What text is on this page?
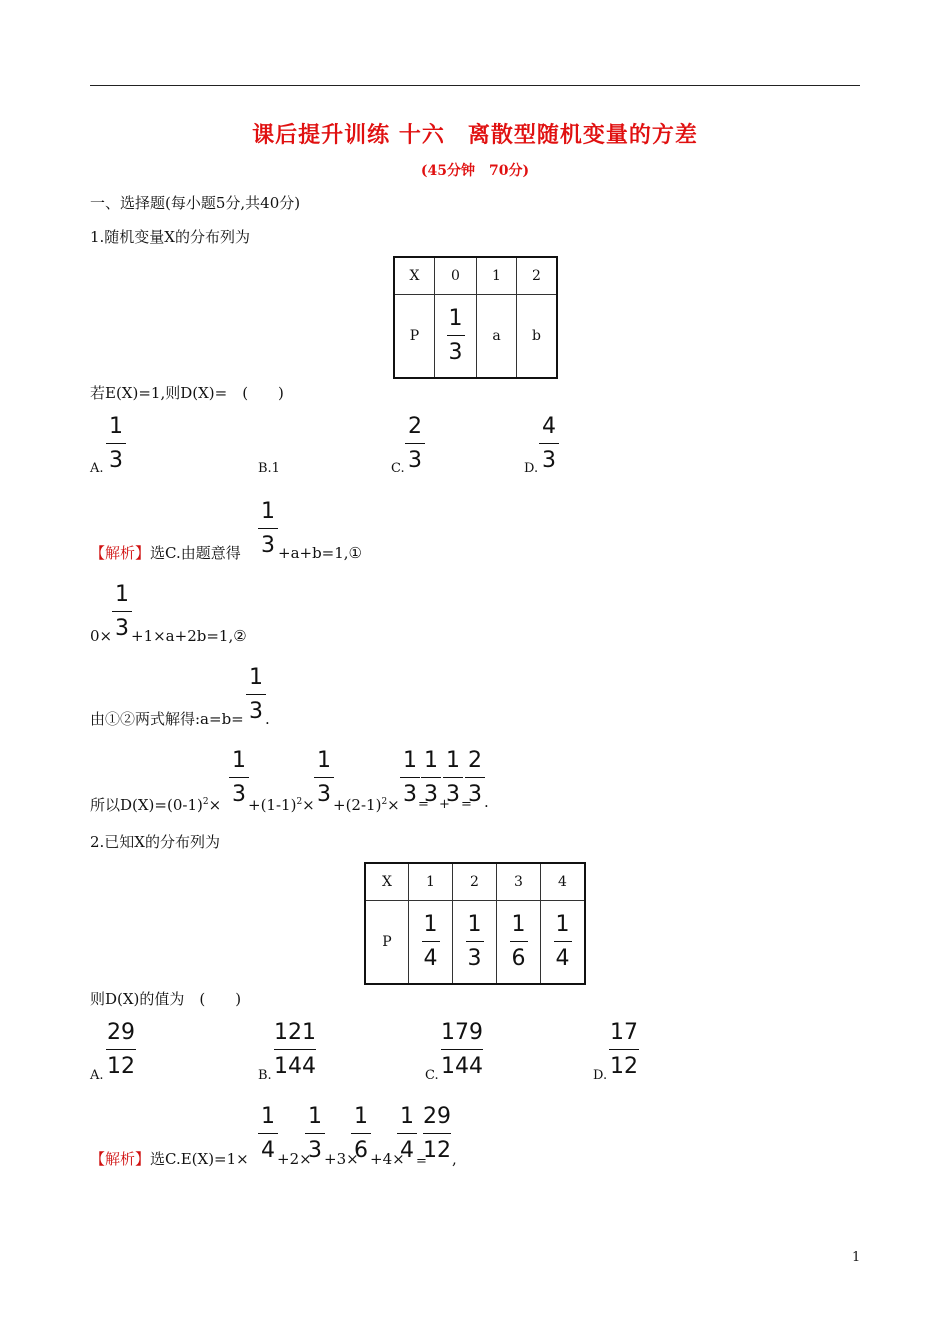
课后提升训练 十六　离散型随机变量的方差
(45分钟　70分)
一、选择题(每小题5分,共40分)
1.随机变量X的分布列为
X	0	1	2
P	$\frac{1}{3}$	a	b
若E(X)=1,则D(X)=　(　　)
1
3
A.	B.1
2
3
C.
4
3
D.
【解析】选C.由题意得
1
3 +a+b=1,①
0×
1
3 +1×a+2b=1,②
由①②两式解得:a=b=
1
3 .
所以$D(X)=(0-1)^2\times$
1
$3 +(1-1)^2\times$
1
$3 +(2-1)^2\times$
1
3 =
1
3 +
1
3 =
2
3 .
2.已知X的分布列为
X	1	2	3	4
P	$\frac{1}{4}$	$\frac{1}{3}$	$\frac{1}{6}$	$\frac{1}{4}$
则D(X)的值为　(　　)
29
12
A.
121
144
B.
179
144
C.
17
12
D.
【解析】选C.E(X)=1×
1
4 +2×
1
3 +3×
1
6 +4×
1
4 =
29
12 ,
1
